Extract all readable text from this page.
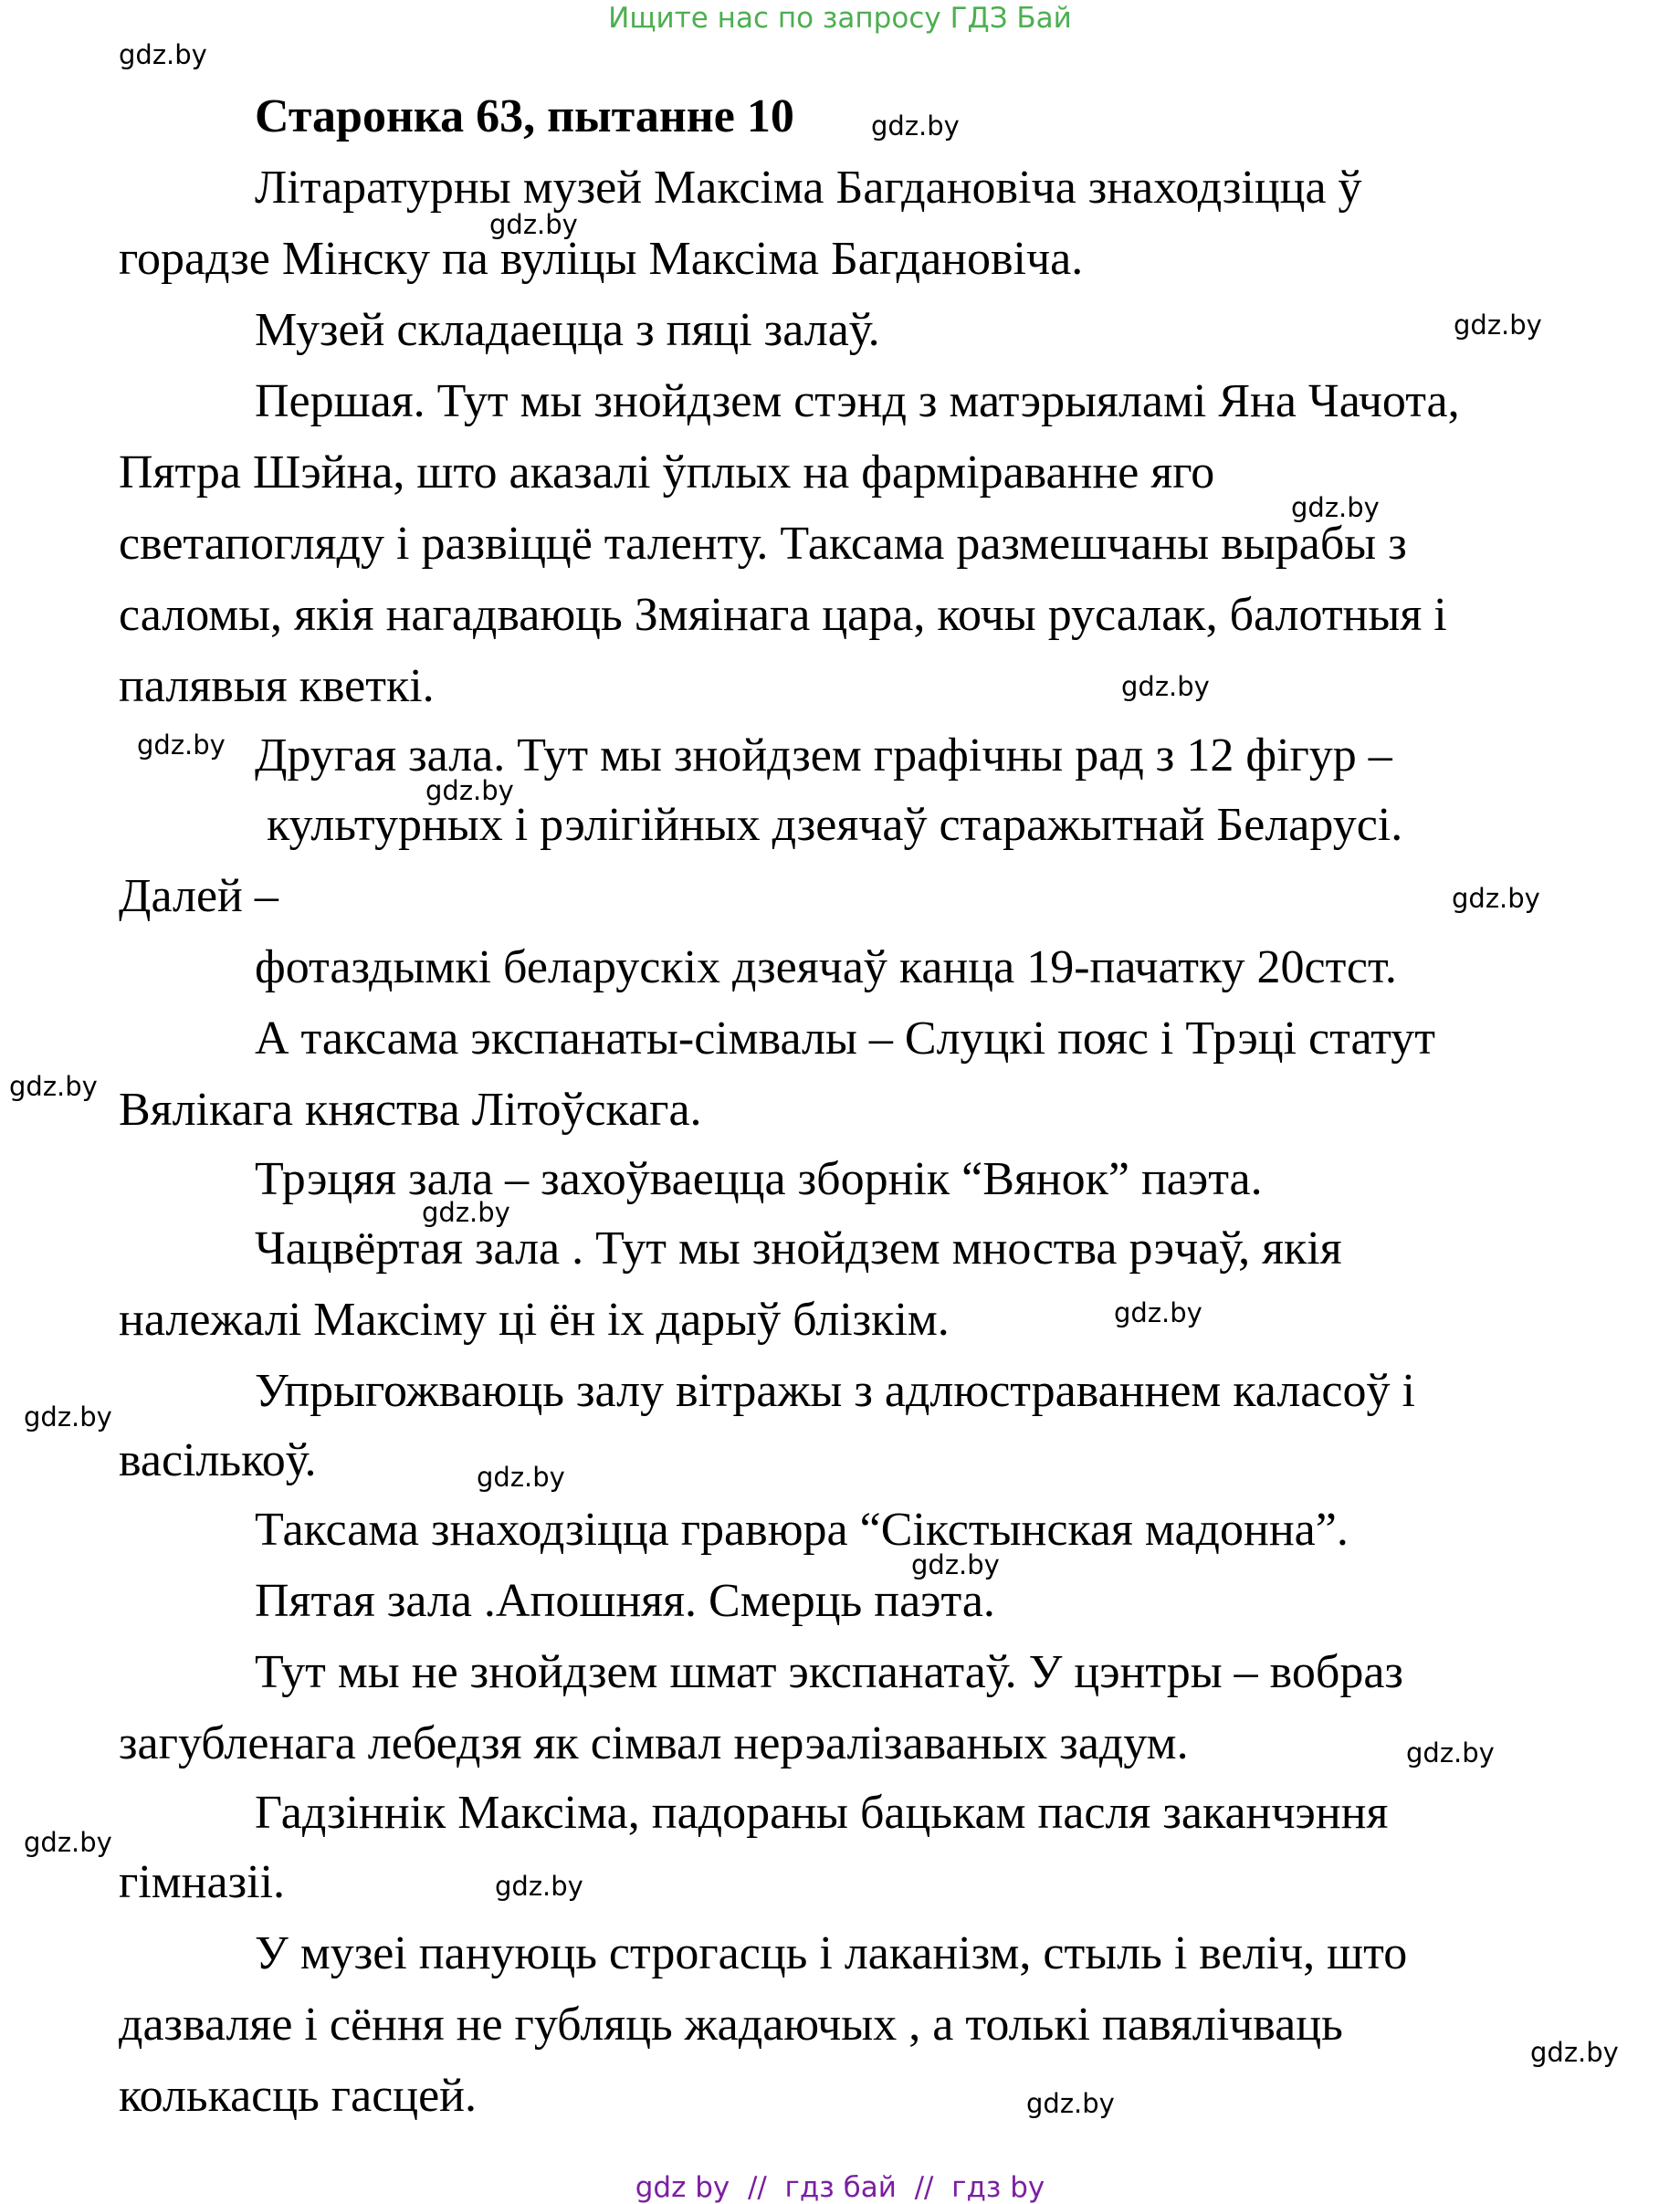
Ищите нас по запросу ГДЗ Бай
Старонка 63, пытанне 10
Літаратурны музей Максіма Багдановіча знаходзіцца ў
горадзе Мінску па вуліцы Максіма Багдановіча.
Музей складаецца з пяці залаў.
Першая. Тут мы знойдзем стэнд з матэрыяламі Яна Чачота,
Пятра Шэйна, што аказалі ўплых на фарміраванне яго
светапогляду і развіццё таленту. Таксама размешчаны вырабы з
саломы, якія нагадваюць Змяінага цара, кочы русалак, балотныя і
палявыя кветкі.
Другая зала. Тут мы знойдзем графічны рад з 12 фігур –
культурных і рэлігійных дзеячаў старажытнай Беларусі.
Далей –
фотаздымкі беларускіх дзеячаў канца 19-пачатку 20стст.
А таксама экспанаты-сімвалы – Слуцкі пояс і Трэці статут
Вялікага княства Літоўскага.
Трэцяя зала – захоўваецца зборнік “Вянок” паэта.
Чацвёртая зала . Тут мы знойдзем мноства рэчаў, якія
належалі Максіму ці ён іх дарыў блізкім.
Упрыгожваюць залу вітражы з адлюстраваннем каласоў і
васількоў.
Таксама знаходзіцца гравюра “Сікстынская мадонна”.
Пятая зала .Апошняя. Смерць паэта.
Тут мы не знойдзем шмат экспанатаў. У цэнтры – вобраз
загубленага лебедзя як сімвал нерэалізаваных задум.
Гадзіннік Максіма, падораны бацькам пасля заканчэння
гімназіі.
У музеі пануюць строгасць і лаканізм, стыль і веліч, што
дазваляе і сёння не губляць жадаючых , а толькі павялічваць
колькасць гасцей.
gdz.by
gdz.by
gdz.by
gdz.by
gdz.by
gdz.by
gdz.by
gdz.by
gdz.by
gdz.by
gdz.by
gdz.by
gdz.by
gdz.by
gdz.by
gdz.by
gdz.by
gdz.by
gdz.by
gdz.by
gdz by  //  гдз бай  //  гдз by
